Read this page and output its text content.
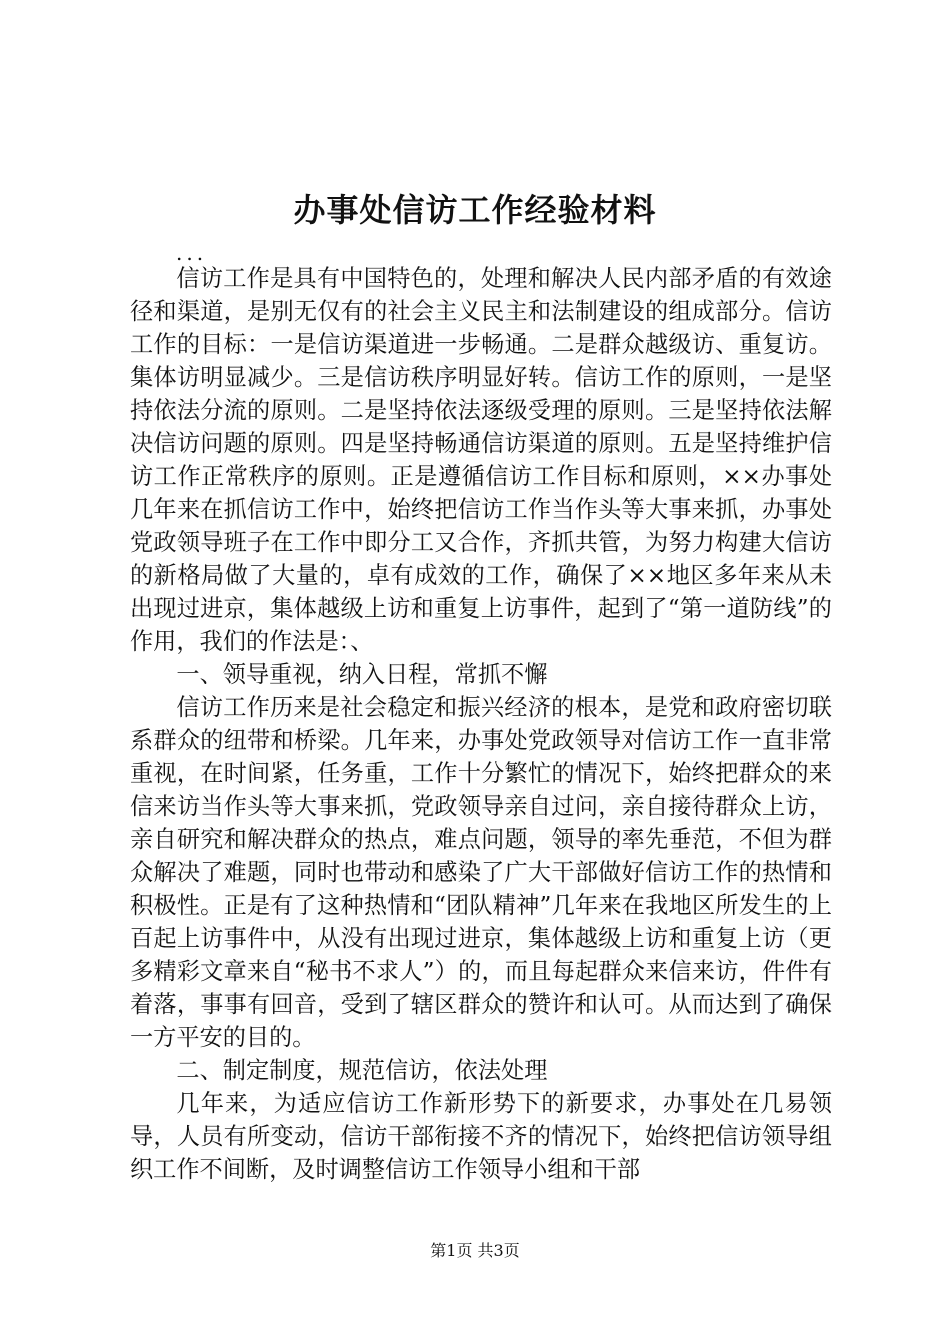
办事处信访工作经验材料
...

信访工作是具有中国特色的，处理和解决人民内部矛盾的有效途径和渠道，是别无仅有的社会主义民主和法制建设的组成部分。信访工作的目标：一是信访渠道进一步畅通。二是群众越级访、重复访。集体访明显减少。三是信访秩序明显好转。信访工作的原则，一是坚持依法分流的原则。二是坚持依法逐级受理的原则。三是坚持依法解决信访问题的原则。四是坚持畅通信访渠道的原则。五是坚持维护信访工作正常秩序的原则。正是遵循信访工作目标和原则，××办事处几年来在抓信访工作中，始终把信访工作当作头等大事来抓，办事处党政领导班子在工作中即分工又合作，齐抓共管，为努力构建大信访的新格局做了大量的，卓有成效的工作，确保了××地区多年来从未出现过进京，集体越级上访和重复上访事件，起到了“第一道防线”的作用，我们的作法是：、

一、领导重视，纳入日程，常抓不懈

信访工作历来是社会稳定和振兴经济的根本，是党和政府密切联系群众的纽带和桥梁。几年来，办事处党政领导对信访工作一直非常重视，在时间紧，任务重，工作十分繁忙的情况下，始终把群众的来信来访当作头等大事来抓，党政领导亲自过问，亲自接待群众上访，亲自研究和解决群众的热点，难点问题，领导的率先垂范，不但为群众解决了难题，同时也带动和感染了广大干部做好信访工作的热情和积极性。正是有了这种热情和“团队精神”几年来在我地区所发生的上百起上访事件中，从没有出现过进京，集体越级上访和重复上访（更多精彩文章来自“秘书不求人”）的，而且每起群众来信来访，件件有着落，事事有回音，受到了辖区群众的赞许和认可。从而达到了确保一方平安的目的。

二、制定制度，规范信访，依法处理

几年来，为适应信访工作新形势下的新要求，办事处在几易领导，人员有所变动，信访干部衔接不齐的情况下，始终把信访领导组织工作不间断，及时调整信访工作领导小组和干部

第1页 共3页
